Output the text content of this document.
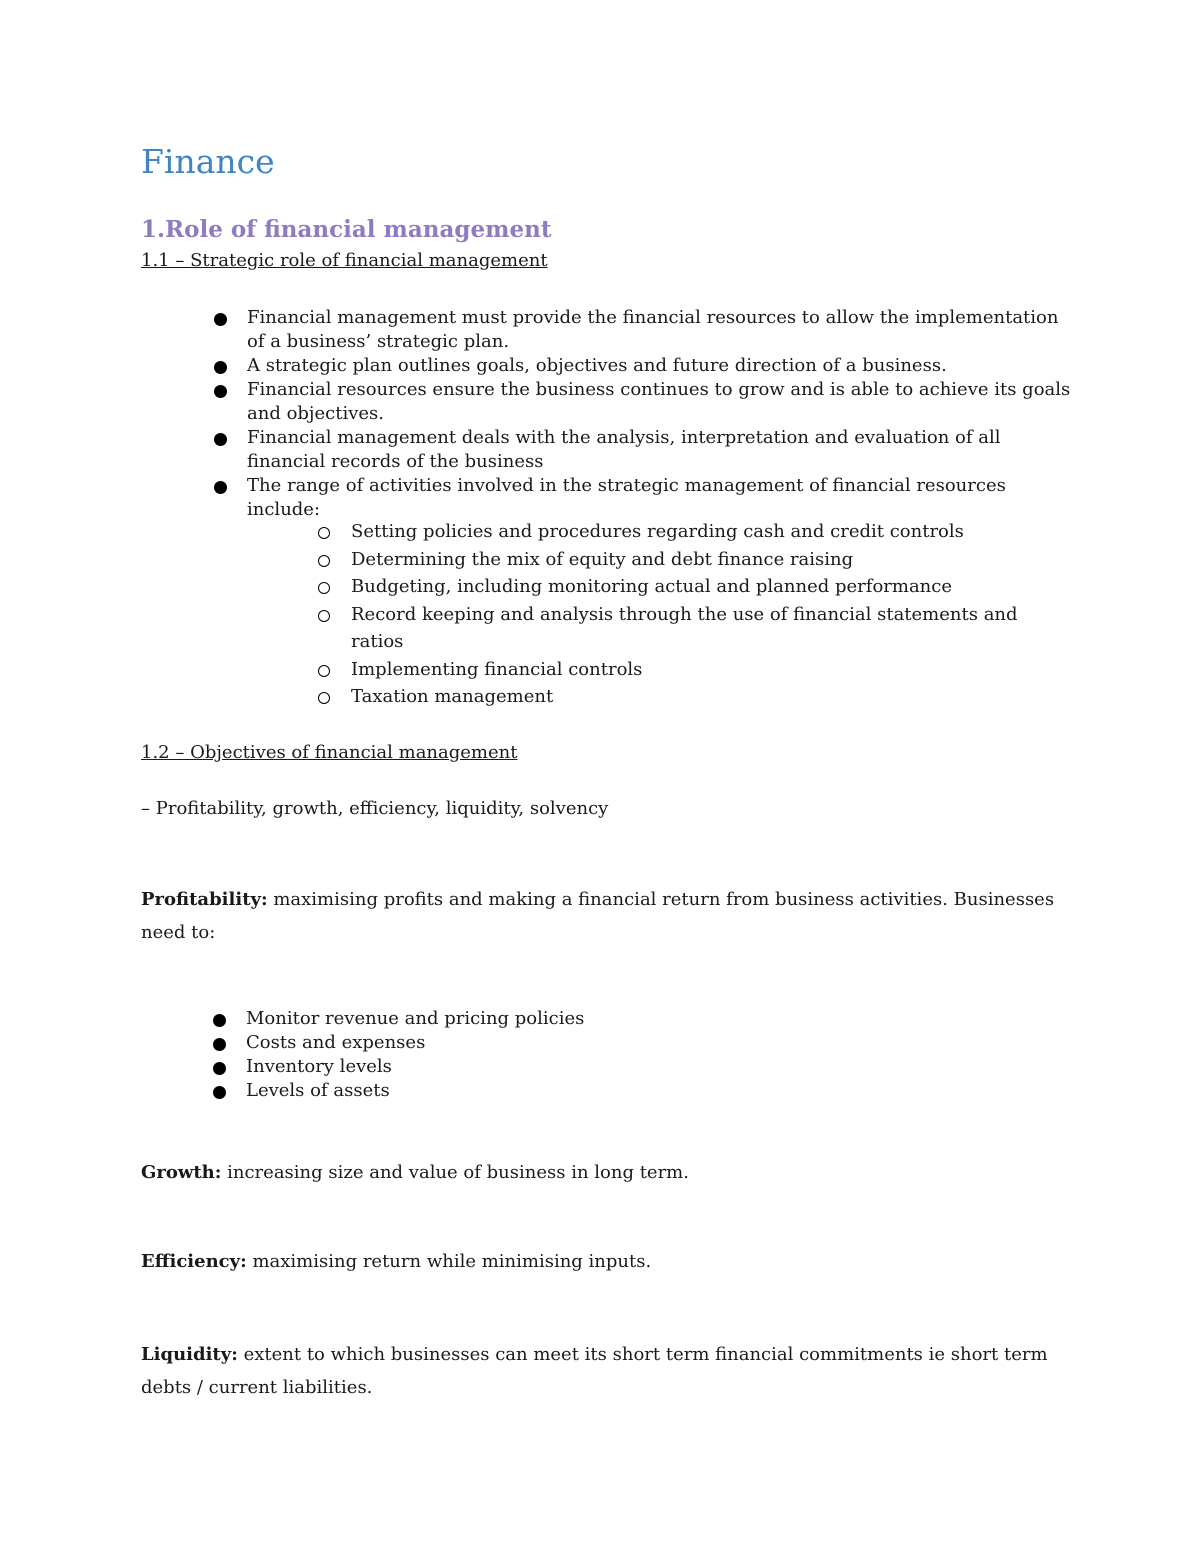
Finance
1.Role of financial management
1.1 – Strategic role of financial management
Financial management must provide the financial resources to allow the implementation of a business’ strategic plan.
A strategic plan outlines goals, objectives and future direction of a business.
Financial resources ensure the business continues to grow and is able to achieve its goals and objectives.
Financial management deals with the analysis, interpretation and evaluation of all financial records of the business
The range of activities involved in the strategic management of financial resources include:
Setting policies and procedures regarding cash and credit controls
Determining the mix of equity and debt finance raising
Budgeting, including monitoring actual and planned performance
Record keeping and analysis through the use of financial statements and ratios
Implementing financial controls
Taxation management
1.2 – Objectives of financial management
– Profitability, growth, efficiency, liquidity, solvency
Profitability: maximising profits and making a financial return from business activities. Businesses need to:
Monitor revenue and pricing policies
Costs and expenses
Inventory levels
Levels of assets
Growth: increasing size and value of business in long term.
Efficiency: maximising return while minimising inputs.
Liquidity: extent to which businesses can meet its short term financial commitments ie short term debts / current liabilities.
